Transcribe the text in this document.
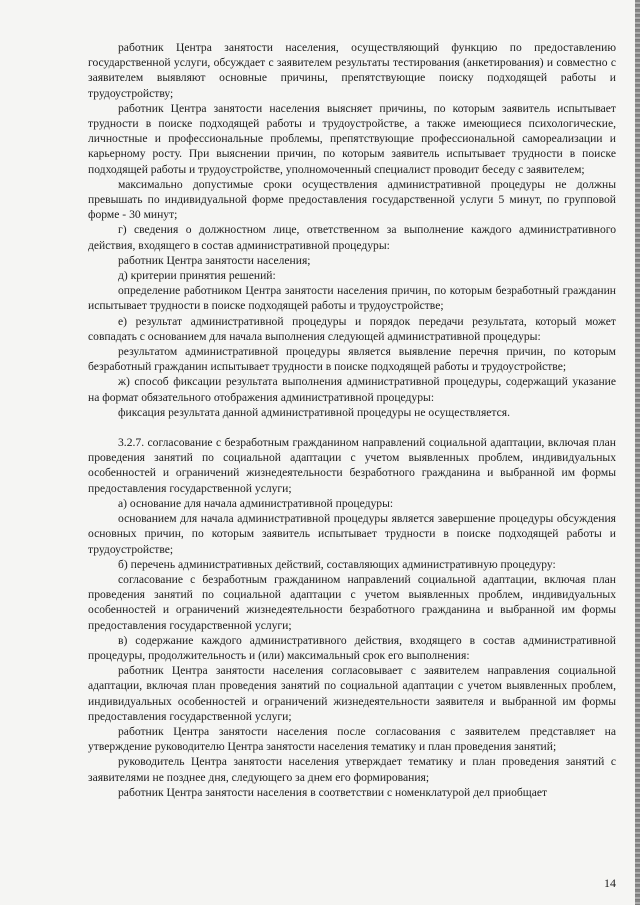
работник Центра занятости населения, осуществляющий функцию по предоставлению государственной услуги, обсуждает с заявителем результаты тестирования (анкетирования) и совместно с заявителем выявляют основные причины, препятствующие поиску подходящей работы и трудоустройству;

работник Центра занятости населения выясняет причины, по которым заявитель испытывает трудности в поиске подходящей работы и трудоустройстве, а также имеющиеся психологические, личностные и профессиональные проблемы, препятствующие профессиональной самореализации и карьерному росту. При выяснении причин, по которым заявитель испытывает трудности в поиске подходящей работы и трудоустройстве, уполномоченный специалист проводит беседу с заявителем;

максимально допустимые сроки осуществления административной процедуры не должны превышать по индивидуальной форме предоставления государственной услуги 5 минут, по групповой форме - 30 минут;

г) сведения о должностном лице, ответственном за выполнение каждого административного действия, входящего в состав административной процедуры:

работник Центра занятости населения;

д) критерии принятия решений:

определение работником Центра занятости населения причин, по которым безработный гражданин испытывает трудности в поиске подходящей работы и трудоустройстве;

е) результат административной процедуры и порядок передачи результата, который может совпадать с основанием для начала выполнения следующей административной процедуры:

результатом административной процедуры является выявление перечня причин, по которым безработный гражданин испытывает трудности в поиске подходящей работы и трудоустройстве;

ж) способ фиксации результата выполнения административной процедуры, содержащий указание на формат обязательного отображения административной процедуры:

фиксация результата данной административной процедуры не осуществляется.

3.2.7. согласование с безработным гражданином направлений социальной адаптации, включая план проведения занятий по социальной адаптации с учетом выявленных проблем, индивидуальных особенностей и ограничений жизнедеятельности безработного гражданина и выбранной им формы предоставления государственной услуги;

а) основание для начала административной процедуры:

основанием для начала административной процедуры является завершение процедуры обсуждения основных причин, по которым заявитель испытывает трудности в поиске подходящей работы и трудоустройстве;

б) перечень административных действий, составляющих административную процедуру:

согласование с безработным гражданином направлений социальной адаптации, включая план проведения занятий по социальной адаптации с учетом выявленных проблем, индивидуальных особенностей и ограничений жизнедеятельности безработного гражданина и выбранной им формы предоставления государственной услуги;

в) содержание каждого административного действия, входящего в состав административной процедуры, продолжительность и (или) максимальный срок его выполнения:

работник Центра занятости населения согласовывает с заявителем направления социальной адаптации, включая план проведения занятий по социальной адаптации с учетом выявленных проблем, индивидуальных особенностей и ограничений жизнедеятельности заявителя и выбранной им формы предоставления государственной услуги;

работник Центра занятости населения после согласования с заявителем представляет на утверждение руководителю Центра занятости населения тематику и план проведения занятий;

руководитель Центра занятости населения утверждает тематику и план проведения занятий с заявителями не позднее дня, следующего за днем его формирования;

работник Центра занятости населения в соответствии с номенклатурой дел приобщает

14
